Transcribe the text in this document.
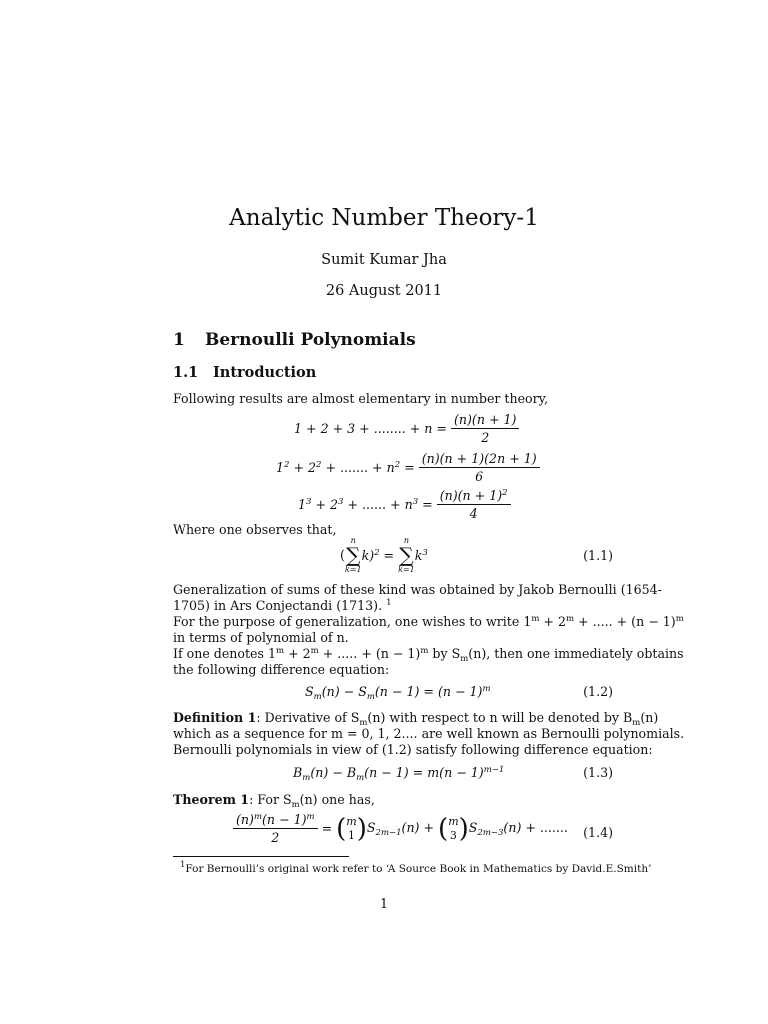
Analytic Number Theory-1
Sumit Kumar Jha
26 August 2011
1 Bernoulli Polynomials
1.1 Introduction
Following results are almost elementary in number theory,
1 + 2 + 3 + ........ + $n = \frac{(n)(n + 1)}{2}$
$1^2 + 2^2$ + ....... + $n^2 = \frac{(n)(n + 1)(2n + 1)}{6}$
$1^3 + 2^3$ + ...... + $n^3 = \frac{(n)(n + 1)^2}{4}$
Where one observes that,
(
n
∑
k=1
k)$^2$ =
n
∑
k=1
$k^3$	(1.1)
Generalization of sums of these kind was obtained by Jakob Bernoulli (1654-
1705) in Ars Conjectandi (1713). $^1$
For the purpose of generalization, one wishes to write $1^m + 2^m$ + ..... + $(n - 1)^m$
in terms of polynomial of n.
If one denotes $1^m + 2^m$ + ..... + $(n - 1)^m$ by $S_m(n)$, then one immediately obtains
the following difference equation:
$S_m(n) - S_m(n - 1) = (n - 1)^m$	(1.2)
Definition 1: Derivative of $S_m(n)$ with respect to n will be denoted by $B_m(n)$
which as a sequence for m = 0, 1, 2.... are well known as Bernoulli polynomials.
Bernoulli polynomials in view of (1.2) satisfy following difference equation:
$B_m(n) - B_m(n - 1) = m(n - 1)^{m-1}$	(1.3)
Theorem 1: For $S_m(n)$ one has,
$\frac{(n)^m(n - 1)^m}{2}$ = ( m
1 )$S_{2m-1}(n)$ + ( m
3 )$S_{2m-3}(n)$ + ....... (1.4)
$^1$For Bernoulli’s original work refer to ‘A Source Book in Mathematics by David.E.Smith’
1
